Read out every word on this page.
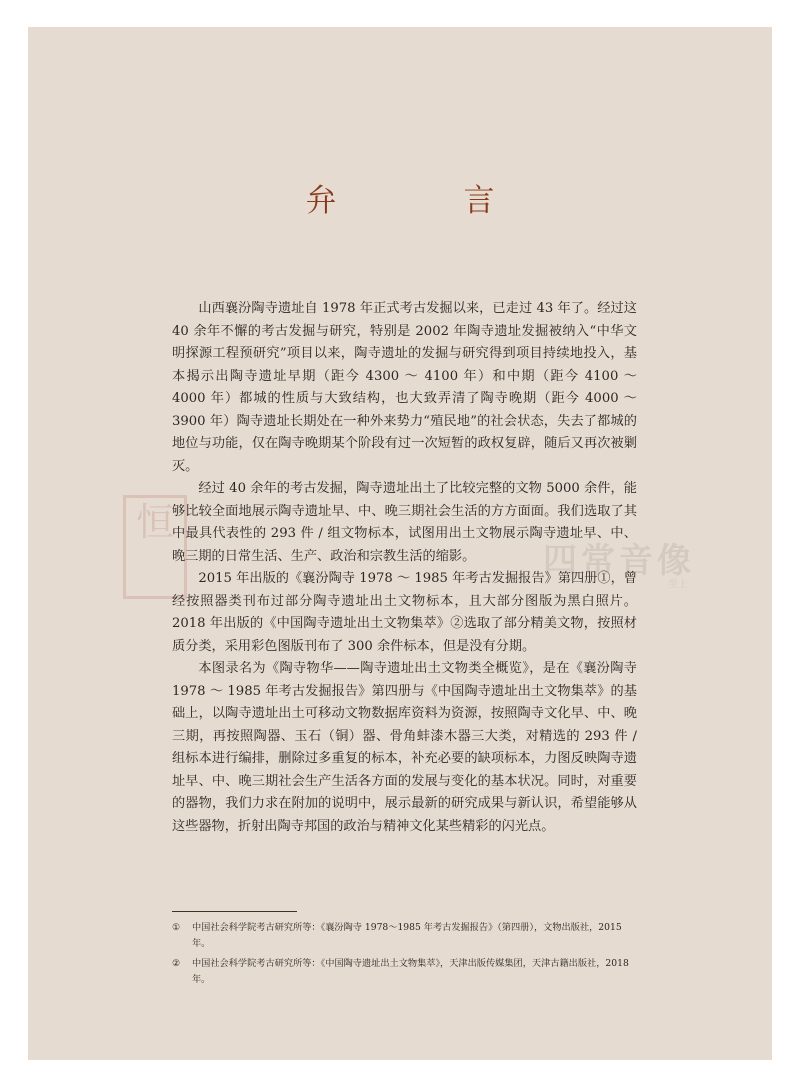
弁　言
恒
四常音像
至上

山西襄汾陶寺遗址自 1978 年正式考古发掘以来，已走过 43 年了。经过这 40 余年不懈的考古发掘与研究，特别是 2002 年陶寺遗址发掘被纳入“中华文明探源工程预研究”项目以来，陶寺遗址的发掘与研究得到项目持续地投入，基本揭示出陶寺遗址早期（距今 4300 ～ 4100 年）和中期（距今 4100 ～ 4000 年）都城的性质与大致结构，也大致弄清了陶寺晚期（距今 4000 ～ 3900 年）陶寺遗址长期处在一种外来势力“殖民地”的社会状态，失去了都城的地位与功能，仅在陶寺晚期某个阶段有过一次短暂的政权复辟，随后又再次被剿灭。

经过 40 余年的考古发掘，陶寺遗址出土了比较完整的文物 5000 余件，能够比较全面地展示陶寺遗址早、中、晚三期社会生活的方方面面。我们选取了其中最具代表性的 293 件 / 组文物标本，试图用出土文物展示陶寺遗址早、中、晚三期的日常生活、生产、政治和宗教生活的缩影。

2015 年出版的《襄汾陶寺 1978 ～ 1985 年考古发掘报告》第四册①，曾经按照器类刊布过部分陶寺遗址出土文物标本，且大部分图版为黑白照片。2018 年出版的《中国陶寺遗址出土文物集萃》②选取了部分精美文物，按照材质分类，采用彩色图版刊布了 300 余件标本，但是没有分期。

本图录名为《陶寺物华——陶寺遗址出土文物类全概览》，是在《襄汾陶寺 1978 ～ 1985 年考古发掘报告》第四册与《中国陶寺遗址出土文物集萃》的基础上，以陶寺遗址出土可移动文物数据库资料为资源，按照陶寺文化早、中、晚三期，再按照陶器、玉石（铜）器、骨角蚌漆木器三大类，对精选的 293 件 / 组标本进行编排，删除过多重复的标本，补充必要的缺项标本，力图反映陶寺遗址早、中、晚三期社会生产生活各方面的发展与变化的基本状况。同时，对重要的器物，我们力求在附加的说明中，展示最新的研究成果与新认识，希望能够从这些器物，折射出陶寺邦国的政治与精神文化某些精彩的闪光点。

① 中国社会科学院考古研究所等：《襄汾陶寺 1978～1985 年考古发掘报告》（第四册），文物出版社，2015 年。
② 中国社会科学院考古研究所等：《中国陶寺遗址出土文物集萃》，天津出版传媒集团，天津古籍出版社，2018 年。
